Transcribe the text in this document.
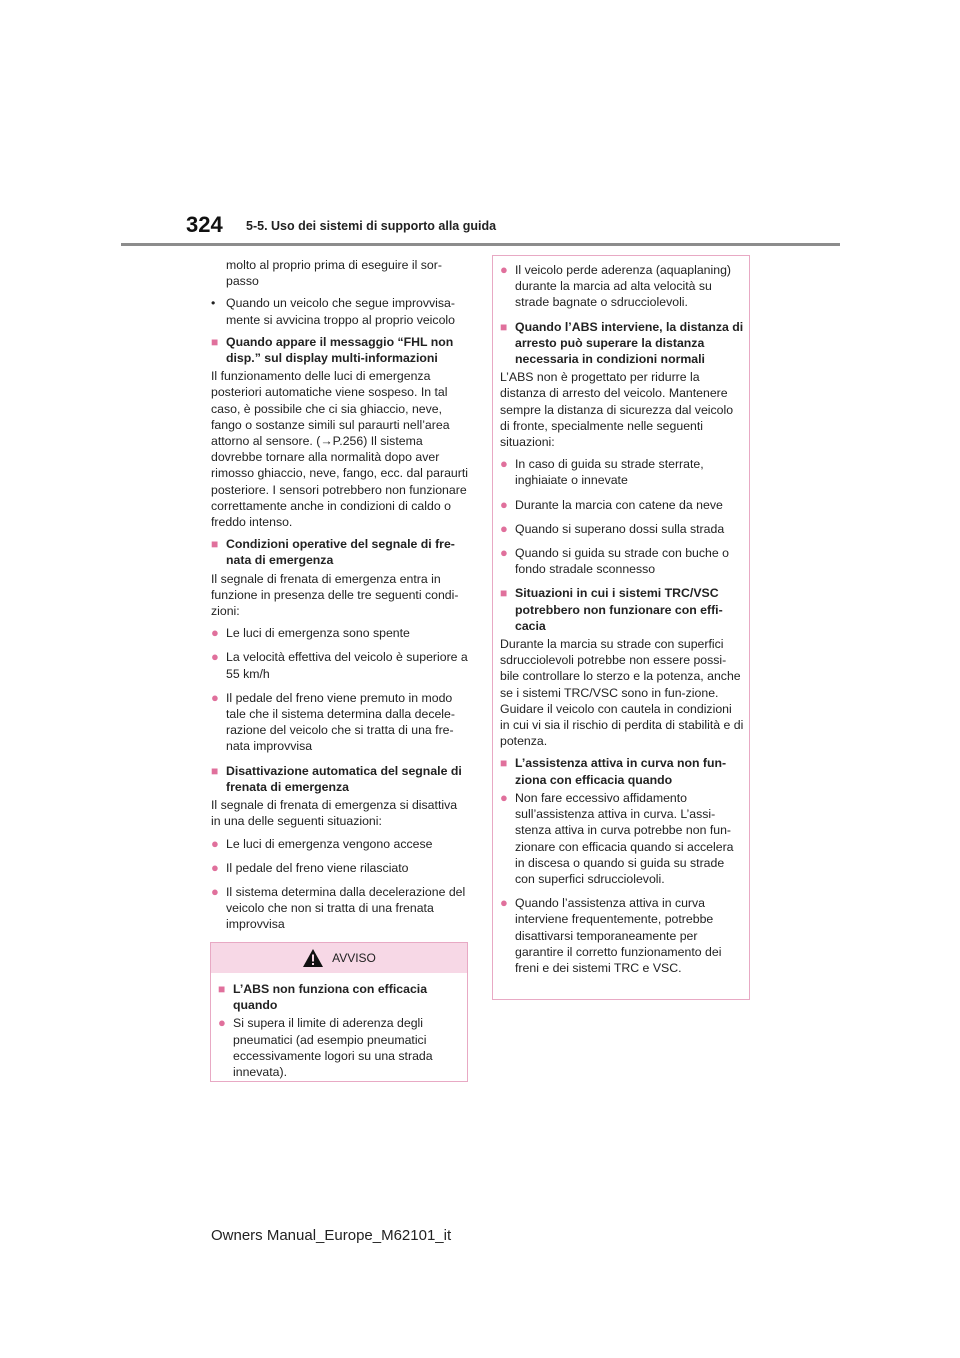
324 5-5. Uso dei sistemi di supporto alla guida

molto al proprio prima di eseguire il sor-passo

• Quando un veicolo che segue improvvisa-mente si avvicina troppo al proprio veicolo
■ Quando appare il messaggio “FHL non disp.” sul display multi-informazioni

Il funzionamento delle luci di emergenza posteriori automatiche viene sospeso. In tal caso, è possibile che ci sia ghiaccio, neve, fango o sostanze simili sul paraurti nell’area attorno al sensore. (→P.256) Il sistema dovrebbe tornare alla normalità dopo aver rimosso ghiaccio, neve, fango, ecc. dal paraurti posteriore. I sensori potrebbero non funzionare correttamente anche in condizioni di caldo o freddo intenso.

■ Condizioni operative del segnale di fre-nata di emergenza

Il segnale di frenata di emergenza entra in funzione in presenza delle tre seguenti condi-zioni:

● Le luci di emergenza sono spente
● La velocità effettiva del veicolo è superiore a 55 km/h
● Il pedale del freno viene premuto in modo tale che il sistema determina dalla decele-razione del veicolo che si tratta di una fre-nata improvvisa
■ Disattivazione automatica del segnale di frenata di emergenza

Il segnale di frenata di emergenza si disattiva in una delle seguenti situazioni:

● Le luci di emergenza vengono accese
● Il pedale del freno viene rilasciato
● Il sistema determina dalla decelerazione del veicolo che non si tratta di una frenata improvvisa
AVVISO
■ L’ABS non funziona con efficacia quando
● Si supera il limite di aderenza degli pneumatici (ad esempio pneumatici eccessivamente logori su una strada innevata).
● Il veicolo perde aderenza (aquaplaning) durante la marcia ad alta velocità su strade bagnate o sdrucciolevoli.
■ Quando l’ABS interviene, la distanza di arresto può superare la distanza necessaria in condizioni normali

L’ABS non è progettato per ridurre la distanza di arresto del veicolo. Mantenere sempre la distanza di sicurezza dal veicolo di fronte, specialmente nelle seguenti situazioni:

● In caso di guida su strade sterrate, inghiaiate o innevate
● Durante la marcia con catene da neve
● Quando si superano dossi sulla strada
● Quando si guida su strade con buche o fondo stradale sconnesso
■ Situazioni in cui i sistemi TRC/VSC potrebbero non funzionare con effi-cacia

Durante la marcia su strade con superfici sdrucciolevoli potrebbe non essere possi-bile controllare lo sterzo e la potenza, anche se i sistemi TRC/VSC sono in fun-zione. Guidare il veicolo con cautela in condizioni in cui vi sia il rischio di perdita di stabilità e di potenza.

■ L’assistenza attiva in curva non fun-ziona con efficacia quando
● Non fare eccessivo affidamento sull’assistenza attiva in curva. L’assi-stenza attiva in curva potrebbe non fun-zionare con efficacia quando si accelera in discesa o quando si guida su strade con superfici sdrucciolevoli.
● Quando l’assistenza attiva in curva interviene frequentemente, potrebbe disattivarsi temporaneamente per garantire il corretto funzionamento dei freni e dei sistemi TRC e VSC.
Owners Manual_Europe_M62101_it
